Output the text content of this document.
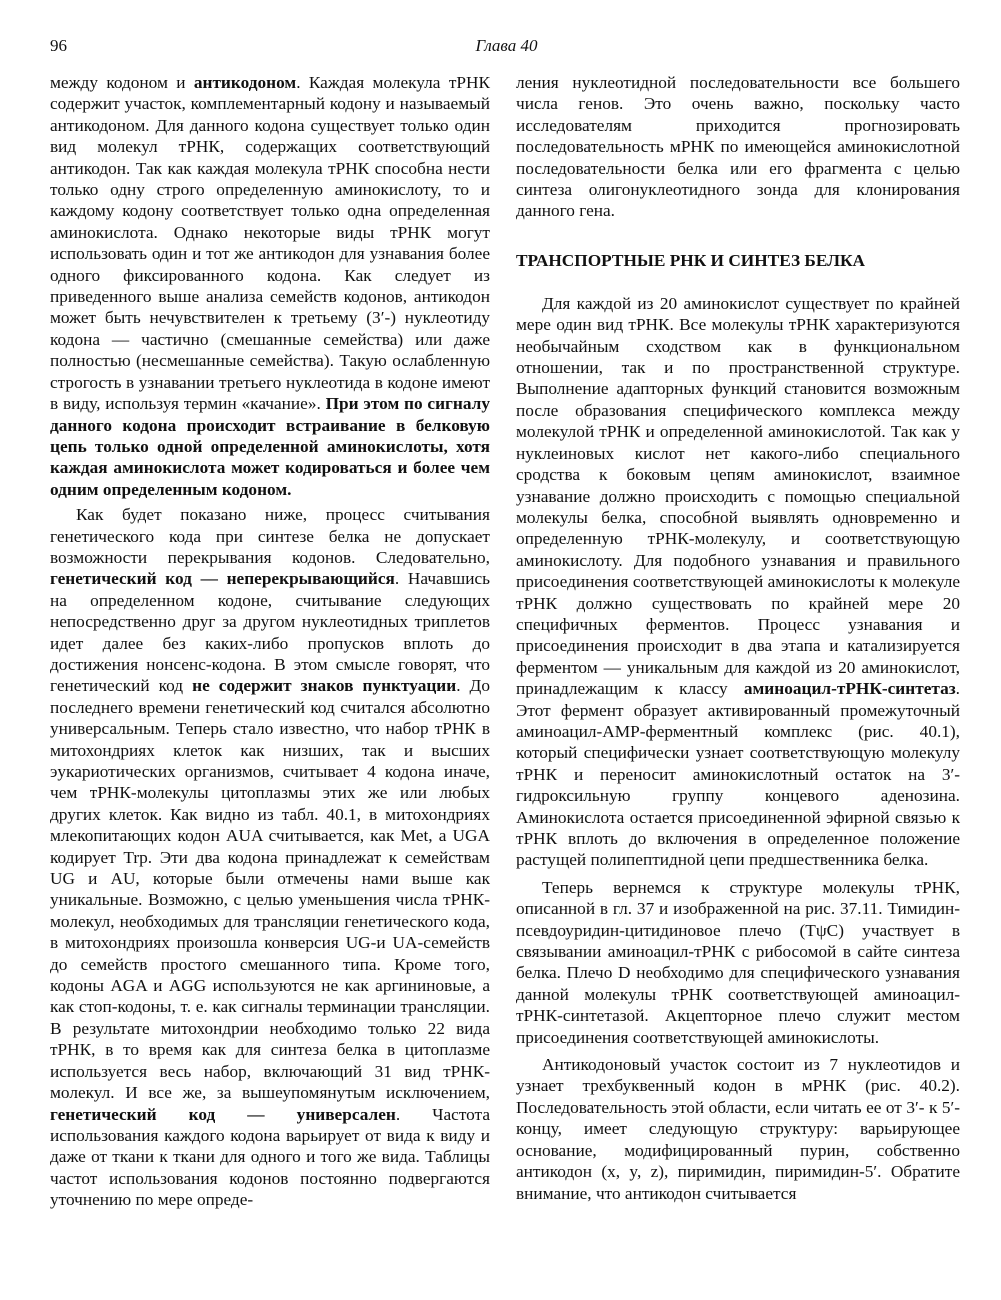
96	Глава 40

между кодоном и антикодоном. Каждая молекула тРНК содержит участок, комплементарный кодону и называемый антикодоном. Для данного кодона существует только один вид молекул тРНК, содержащих соответствующий антикодон. Так как каждая молекула тРНК способна нести только одну строго определенную аминокислоту, то и каждому кодону соответствует только одна определенная аминокислота. Однако некоторые виды тРНК могут использовать один и тот же антикодон для узнавания более одного фиксированного кодона. Как следует из приведенного выше анализа семейств кодонов, антикодон может быть нечувствителен к третьему (3′-) нуклеотиду кодона — частично (смешанные семейства) или даже полностью (несмешанные семейства). Такую ослабленную строгость в узнавании третьего нуклеотида в кодоне имеют в виду, используя термин «качание». При этом по сигналу данного кодона происходит встраивание в белковую цепь только одной определенной аминокислоты, хотя каждая аминокислота может кодироваться и более чем одним определенным кодоном.

Как будет показано ниже, процесс считывания генетического кода при синтезе белка не допускает возможности перекрывания кодонов. Следовательно, генетический код — неперекрывающийся. Начавшись на определенном кодоне, считывание следующих непосредственно друг за другом нуклеотидных триплетов идет далее без каких-либо пропусков вплоть до достижения нонсенс-кодона. В этом смысле говорят, что генетический код не содержит знаков пунктуации. До последнего времени генетический код считался абсолютно универсальным. Теперь стало известно, что набор тРНК в митохондриях клеток как низших, так и высших эукариотических организмов, считывает 4 кодона иначе, чем тРНК-молекулы цитоплазмы этих же или любых других клеток. Как видно из табл. 40.1, в митохондриях млекопитающих кодон AUA считывается, как Met, а UGA кодирует Trp. Эти два кодона принадлежат к семействам UG и AU, которые были отмечены нами выше как уникальные. Возможно, с целью уменьшения числа тРНК-молекул, необходимых для трансляции генетического кода, в митохондриях произошла конверсия UG-и UA-семейств до семейств простого смешанного типа. Кроме того, кодоны AGA и AGG используются не как аргининовые, а как стоп-кодоны, т. е. как сигналы терминации трансляции. В результате митохондрии необходимо только 22 вида тРНК, в то время как для синтеза белка в цитоплазме используется весь набор, включающий 31 вид тРНК-молекул. И все же, за вышеупомянутым исключением, генетический код — универсален. Частота использования каждого кодона варьирует от вида к виду и даже от ткани к ткани для одного и того же вида. Таблицы частот использования кодонов постоянно подвергаются уточнению по мере опреде-

ления нуклеотидной последовательности все большего числа генов. Это очень важно, поскольку часто исследователям приходится прогнозировать последовательность мРНК по имеющейся аминокислотной последовательности белка или его фрагмента с целью синтеза олигонуклеотидного зонда для клонирования данного гена.

ТРАНСПОРТНЫЕ РНК И СИНТЕЗ БЕЛКА

Для каждой из 20 аминокислот существует по крайней мере один вид тРНК. Все молекулы тРНК характеризуются необычайным сходством как в функциональном отношении, так и по пространственной структуре. Выполнение адапторных функций становится возможным после образования специфического комплекса между молекулой тРНК и определенной аминокислотой. Так как у нуклеиновых кислот нет какого-либо специального сродства к боковым цепям аминокислот, взаимное узнавание должно происходить с помощью специальной молекулы белка, способной выявлять одновременно и определенную тРНК-молекулу, и соответствующую аминокислоту. Для подобного узнавания и правильного присоединения соответствующей аминокислоты к молекуле тРНК должно существовать по крайней мере 20 специфичных ферментов. Процесс узнавания и присоединения происходит в два этапа и катализируется ферментом — уникальным для каждой из 20 аминокислот, принадлежащим к классу аминоацил-тРНК-синтетаз. Этот фермент образует активированный промежуточный аминоацил-AMP-ферментный комплекс (рис. 40.1), который специфически узнает соответствующую молекулу тРНК и переносит аминокислотный остаток на 3′-гидроксильную группу концевого аденозина. Аминокислота остается присоединенной эфирной связью к тРНК вплоть до включения в определенное положение растущей полипептидной цепи предшественника белка.

Теперь вернемся к структуре молекулы тРНК, описанной в гл. 37 и изображенной на рис. 37.11. Тимидин-псевдоуридин-цитидиновое плечо (TψC) участвует в связывании аминоацил-тРНК с рибосомой в сайте синтеза белка. Плечо D необходимо для специфического узнавания данной молекулы тРНК соответствующей аминоацил-тРНК-синтетазой. Акцепторное плечо служит местом присоединения соответствующей аминокислоты.

Антикодоновый участок состоит из 7 нуклеотидов и узнает трехбуквенный кодон в мРНК (рис. 40.2). Последовательность этой области, если читать ее от 3′- к 5′-концу, имеет следующую структуру: варьирующее основание, модифицированный пурин, собственно антикодон (x, y, z), пиримидин, пиримидин-5′. Обратите внимание, что антикодон считывается
